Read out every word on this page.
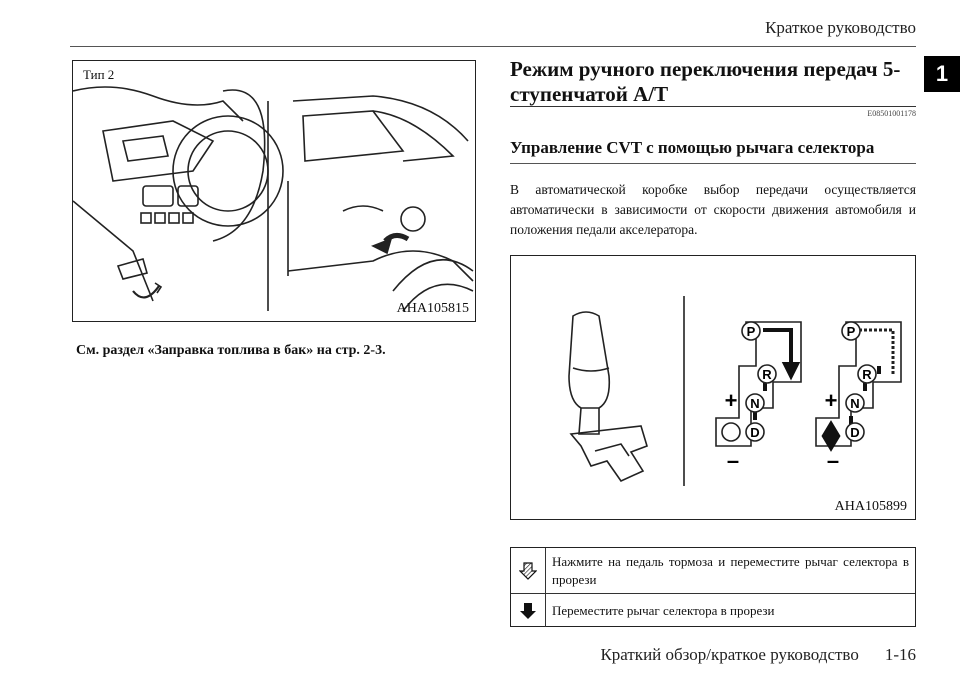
Краткое руководство
1
Тип 2
AHA105815
См. раздел «Заправка топлива в бак» на стр. 2-3.
Режим ручного переключения передач 5-ступенчатой А/Т
E08501001178
Управление CVT с помощью рычага селектора
В автоматической коробке выбор передачи осуществляется автоматически в зависимости от скорости движения автомобиля и положения педали акселератора.
P
R
N
D
P
R
N
D
+
–
+
–
AHA105899
Нажмите на педаль тормоза и переместите рычаг селектора в прорези
Переместите рычаг селектора в прорези
Краткий обзор/краткое руководство 1-16
